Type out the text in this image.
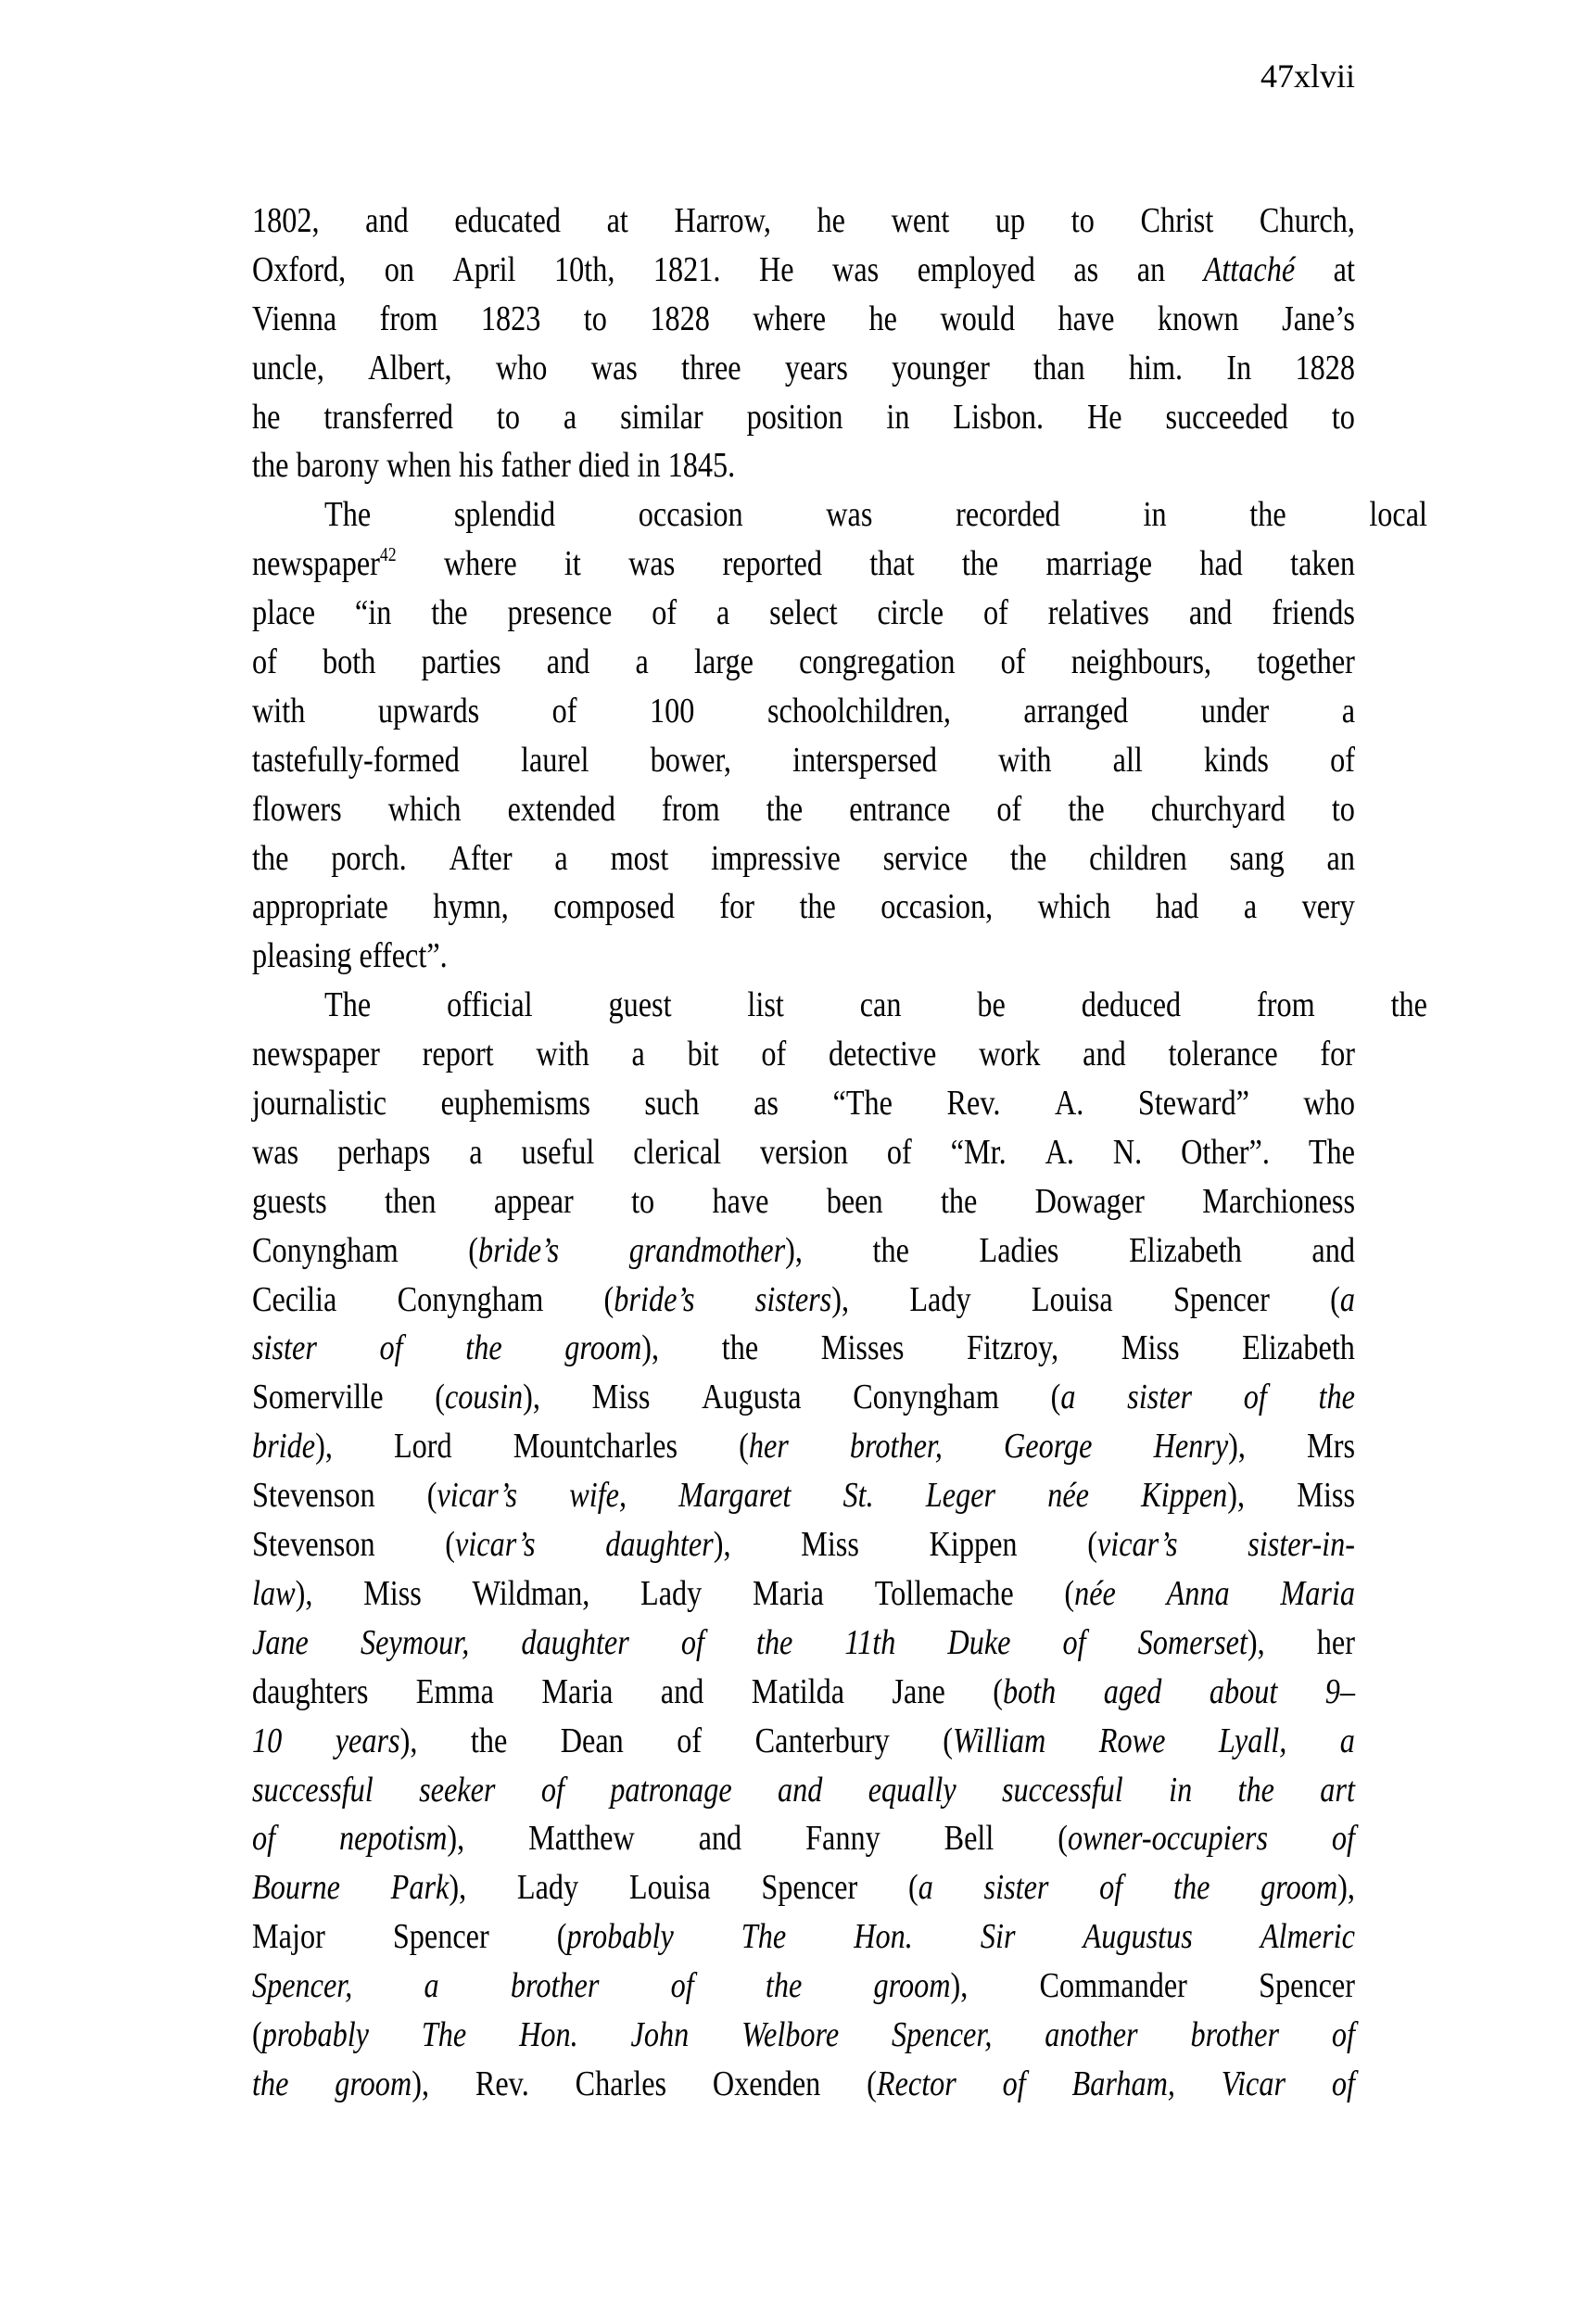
47xlvii
1802, and educated at Harrow, he went up to Christ Church,
Oxford, on April 10th, 1821. He was employed as an Attaché at
Vienna from 1823 to 1828 where he would have known Jane’s
uncle, Albert, who was three years younger than him. In 1828
he transferred to a similar position in Lisbon. He succeeded to
the barony when his father died in 1845.
The splendid occasion was recorded in the local
newspaper$^{42}$ where it was reported that the marriage had taken
place “in the presence of a select circle of relatives and friends
of both parties and a large congregation of neighbours, together
with upwards of 100 schoolchildren, arranged under a
tastefully-formed laurel bower, interspersed with all kinds of
flowers which extended from the entrance of the churchyard to
the porch. After a most impressive service the children sang an
appropriate hymn, composed for the occasion, which had a very
pleasing effect”.
The official guest list can be deduced from the
newspaper report with a bit of detective work and tolerance for
journalistic euphemisms such as “The Rev. A. Steward” who
was perhaps a useful clerical version of “Mr. A. N. Other”. The
guests then appear to have been the Dowager Marchioness
Conyngham (bride’s grandmother), the Ladies Elizabeth and
Cecilia Conyngham (bride’s sisters), Lady Louisa Spencer (a
sister of the groom), the Misses Fitzroy, Miss Elizabeth
Somerville (cousin), Miss Augusta Conyngham (a sister of the
bride), Lord Mountcharles (her brother, George Henry), Mrs
Stevenson (vicar’s wife, Margaret St. Leger née Kippen), Miss
Stevenson (vicar’s daughter), Miss Kippen (vicar’s sister-in-
law), Miss Wildman, Lady Maria Tollemache (née Anna Maria
Jane Seymour, daughter of the 11th Duke of Somerset), her
daughters Emma Maria and Matilda Jane (both aged about 9–
10 years), the Dean of Canterbury (William Rowe Lyall, a
successful seeker of patronage and equally successful in the art
of nepotism), Matthew and Fanny Bell (owner-occupiers of
Bourne Park), Lady Louisa Spencer (a sister of the groom),
Major Spencer (probably The Hon. Sir Augustus Almeric
Spencer, a brother of the groom), Commander Spencer
(probably The Hon. John Welbore Spencer, another brother of
the groom), Rev. Charles Oxenden (Rector of Barham, Vicar of
